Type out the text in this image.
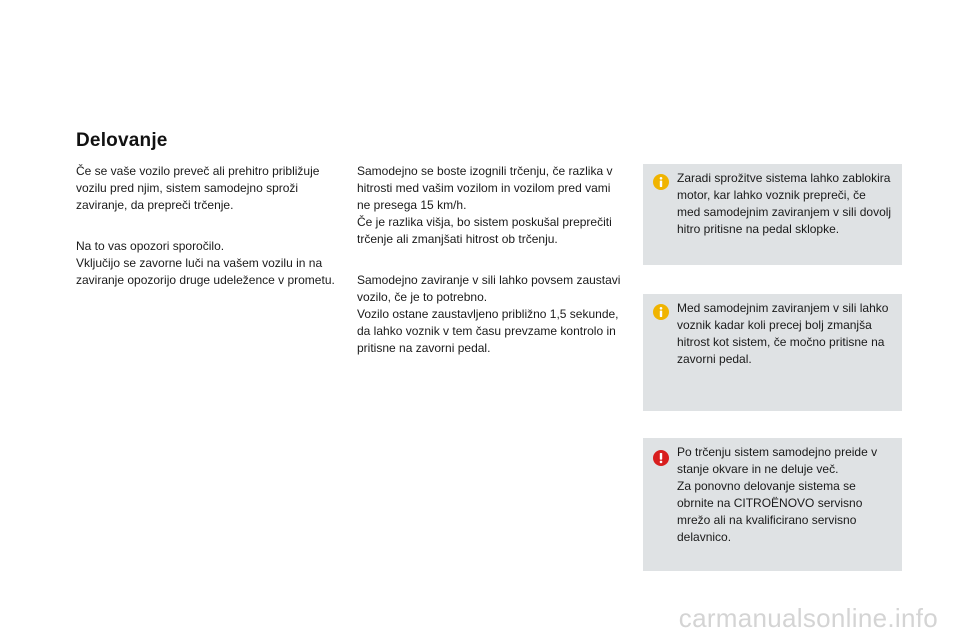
Delovanje

Če se vaše vozilo preveč ali prehitro približuje vozilu pred njim, sistem samodejno sproži zaviranje, da prepreči trčenje.

Na to vas opozori sporočilo.
Vključijo se zavorne luči na vašem vozilu in na zaviranje opozorijo druge udeležence v prometu.
Samodejno se boste izognili trčenju, če razlika v hitrosti med vašim vozilom in vozilom pred vami ne presega 15 km/h.
Če je razlika višja, bo sistem poskušal preprečiti trčenje ali zmanjšati hitrost ob trčenju.
Samodejno zaviranje v sili lahko povsem zaustavi vozilo, če je to potrebno.
Vozilo ostane zaustavljeno približno 1,5 sekunde, da lahko voznik v tem času prevzame kontrolo in pritisne na zavorni pedal.

Zaradi sprožitve sistema lahko zablokira motor, kar lahko voznik prepreči, če med samodejnim zaviranjem v sili dovolj hitro pritisne na pedal sklopke.

Med samodejnim zaviranjem v sili lahko voznik kadar koli precej bolj zmanjša hitrost kot sistem, če močno pritisne na zavorni pedal.

Po trčenju sistem samodejno preide v stanje okvare in ne deluje več.
Za ponovno delovanje sistema se obrnite na CITROËNOVO servisno mrežo ali na kvalificirano servisno delavnico.
carmanualsonline.info
